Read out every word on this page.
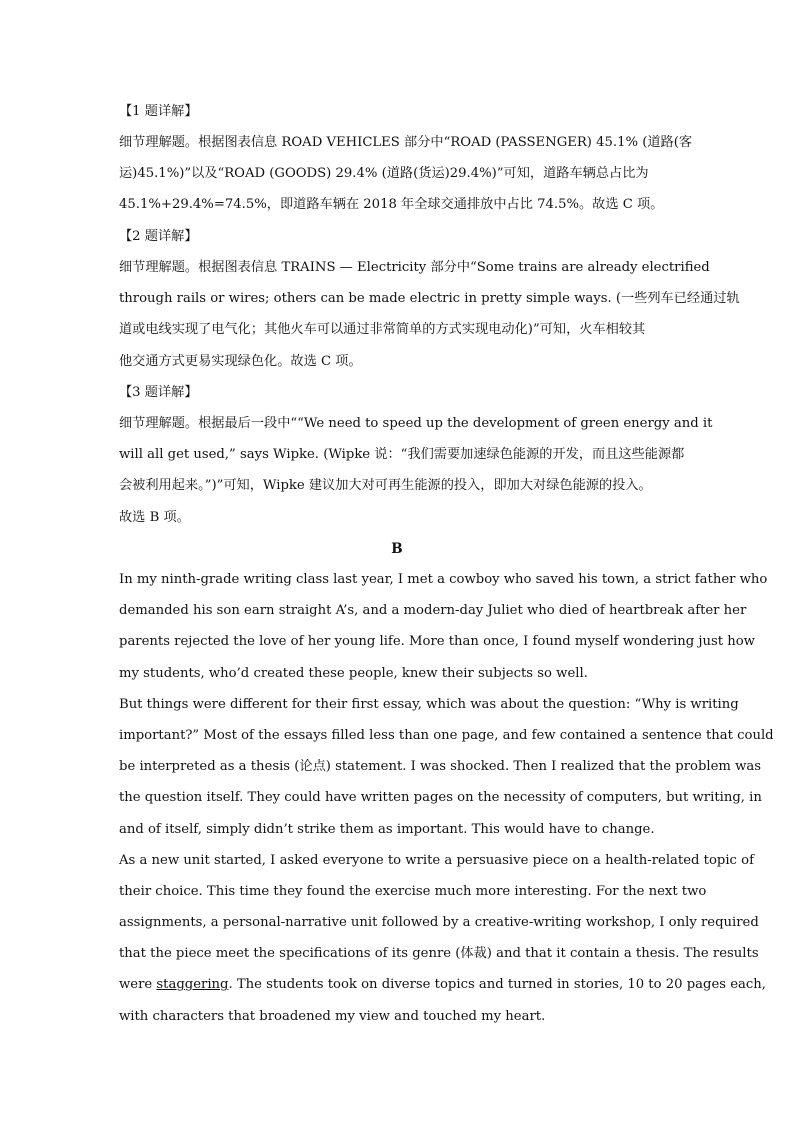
【1 题详解】
细节理解题。根据图表信息 ROAD VEHICLES 部分中“ROAD (PASSENGER) 45.1% (道路(客
运)45.1%)”以及“ROAD (GOODS) 29.4% (道路(货运)29.4%)”可知，道路车辆总占比为
45.1%+29.4%=74.5%，即道路车辆在 2018 年全球交通排放中占比 74.5%。故选 C 项。
【2 题详解】
细节理解题。根据图表信息 TRAINS — Electricity 部分中“Some trains are already electrified
through rails or wires; others can be made electric in pretty simple ways. (一些列车已经通过轨
道或电线实现了电气化；其他火车可以通过非常简单的方式实现电动化)”可知，火车相较其
他交通方式更易实现绿色化。故选 C 项。
【3 题详解】
细节理解题。根据最后一段中““We need to speed up the development of green energy and it
will all get used,” says Wipke. (Wipke 说：“我们需要加速绿色能源的开发，而且这些能源都
会被利用起来。”)”可知，Wipke 建议加大对可再生能源的投入，即加大对绿色能源的投入。
故选 B 项。
B
In my ninth-grade writing class last year, I met a cowboy who saved his town, a strict father who
demanded his son earn straight A’s, and a modern-day Juliet who died of heartbreak after her
parents rejected the love of her young life. More than once, I found myself wondering just how
my students, who’d created these people, knew their subjects so well.
But things were different for their first essay, which was about the question: “Why is writing
important?” Most of the essays filled less than one page, and few contained a sentence that could
be interpreted as a thesis (论点) statement. I was shocked. Then I realized that the problem was
the question itself. They could have written pages on the necessity of computers, but writing, in
and of itself, simply didn’t strike them as important. This would have to change.
As a new unit started, I asked everyone to write a persuasive piece on a health-related topic of
their choice. This time they found the exercise much more interesting. For the next two
assignments, a personal-narrative unit followed by a creative-writing workshop, I only required
that the piece meet the specifications of its genre (体裁) and that it contain a thesis. The results
were staggering. The students took on diverse topics and turned in stories, 10 to 20 pages each,
with characters that broadened my view and touched my heart.
